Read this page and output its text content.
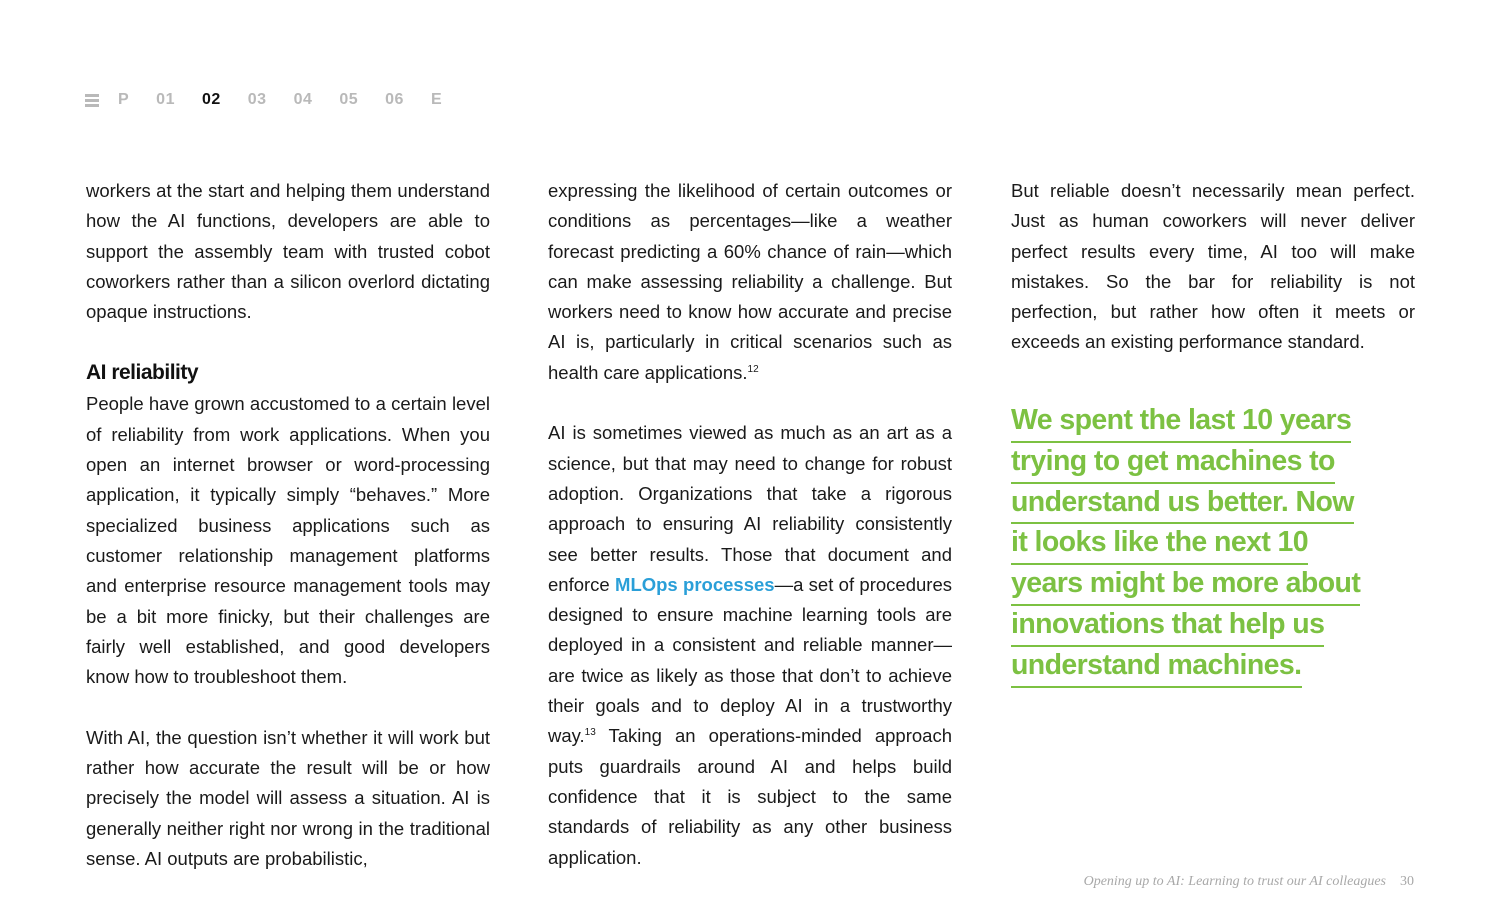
P 01 02 03 04 05 06 E

workers at the start and helping them understand how the AI functions, developers are able to support the assembly team with trusted cobot coworkers rather than a silicon overlord dictating opaque instructions.

AI reliability

People have grown accustomed to a certain level of reliability from work applications. When you open an internet browser or word-processing application, it typically simply “behaves.” More specialized business applications such as customer relationship management platforms and enterprise resource management tools may be a bit more finicky, but their challenges are fairly well established, and good developers know how to troubleshoot them.

With AI, the question isn’t whether it will work but rather how accurate the result will be or how precisely the model will assess a situation. AI is generally neither right nor wrong in the traditional sense. AI outputs are probabilistic,

expressing the likelihood of certain outcomes or conditions as percentages—like a weather forecast predicting a 60% chance of rain—which can make assessing reliability a challenge. But workers need to know how accurate and precise AI is, particularly in critical scenarios such as health care applications.$^{12}$

AI is sometimes viewed as much as an art as a science, but that may need to change for robust adoption. Organizations that take a rigorous approach to ensuring AI reliability consistently see better results. Those that document and enforce MLOps processes—a set of procedures designed to ensure machine learning tools are deployed in a consistent and reliable manner—are twice as likely as those that don’t to achieve their goals and to deploy AI in a trustworthy way.$^{13}$ Taking an operations-minded approach puts guardrails around AI and helps build confidence that it is subject to the same standards of reliability as any other business application.

But reliable doesn’t necessarily mean perfect. Just as human coworkers will never deliver perfect results every time, AI too will make mistakes. So the bar for reliability is not perfection, but rather how often it meets or exceeds an existing performance standard.

We spent the last 10 years
trying to get machines to
understand us better. Now
it looks like the next 10
years might be more about
innovations that help us
understand machines.
Opening up to AI: Learning to trust our AI colleagues 30
